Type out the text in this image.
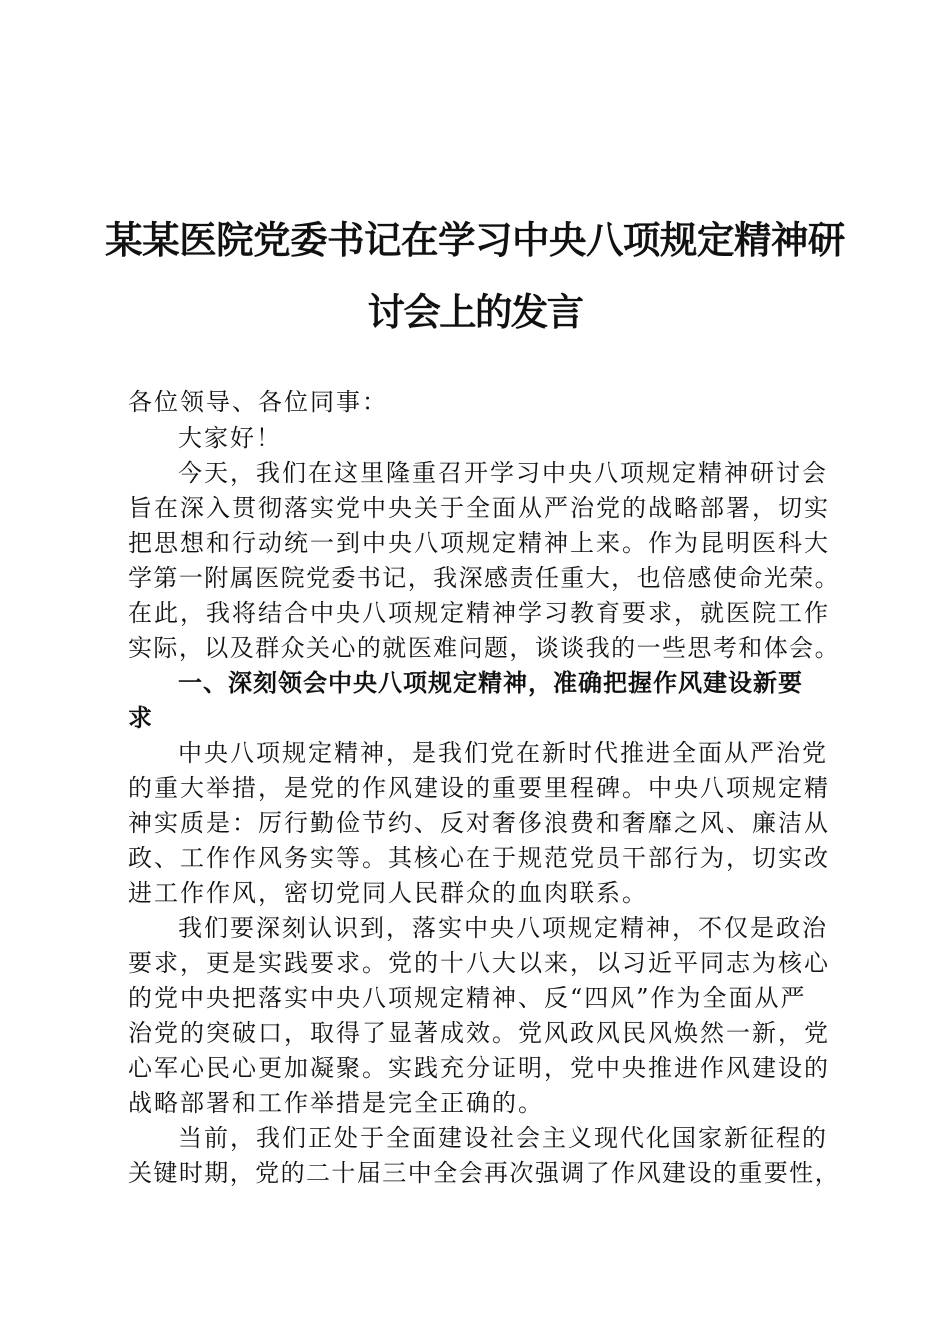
某某医院党委书记在学习中央八项规定精神研
讨会上的发言
各位领导、各位同事：
大家好！
今天，我们在这里隆重召开学习中央八项规定精神研讨会
旨在深入贯彻落实党中央关于全面从严治党的战略部署，切实
把思想和行动统一到中央八项规定精神上来。作为昆明医科大
学第一附属医院党委书记，我深感责任重大，也倍感使命光荣。
在此，我将结合中央八项规定精神学习教育要求，就医院工作
实际，以及群众关心的就医难问题，谈谈我的一些思考和体会。
一、深刻领会中央八项规定精神，准确把握作风建设新要
求
中央八项规定精神，是我们党在新时代推进全面从严治党
的重大举措，是党的作风建设的重要里程碑。中央八项规定精
神实质是：厉行勤俭节约、反对奢侈浪费和奢靡之风、廉洁从
政、工作作风务实等。其核心在于规范党员干部行为，切实改
进工作作风，密切党同人民群众的血肉联系。
我们要深刻认识到，落实中央八项规定精神，不仅是政治
要求，更是实践要求。党的十八大以来，以习近平同志为核心
的党中央把落实中央八项规定精神、反“四风”作为全面从严
治党的突破口，取得了显著成效。党风政风民风焕然一新，党
心军心民心更加凝聚。实践充分证明，党中央推进作风建设的
战略部署和工作举措是完全正确的。
当前，我们正处于全面建设社会主义现代化国家新征程的
关键时期，党的二十届三中全会再次强调了作风建设的重要性，
